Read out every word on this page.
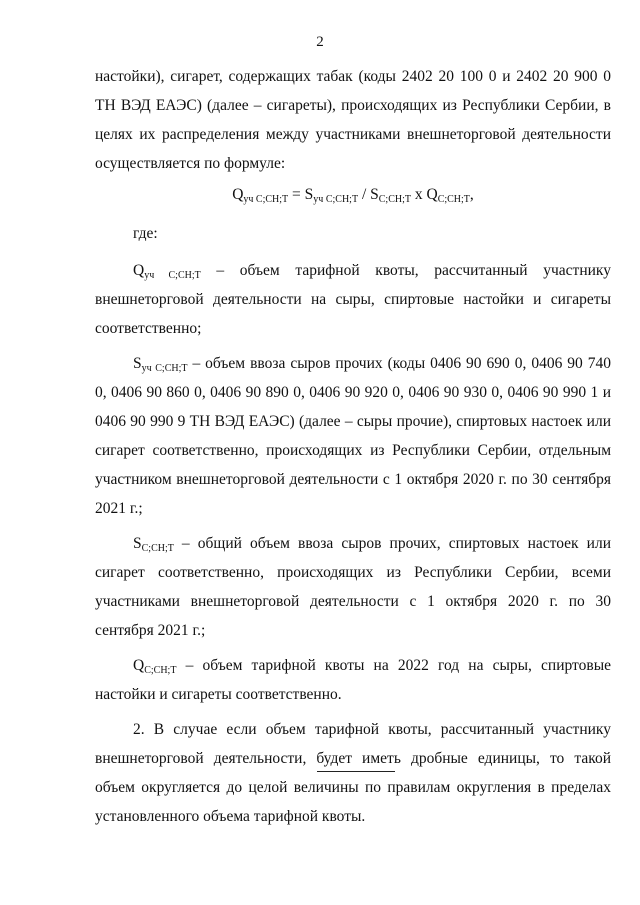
2

настойки), сигарет, содержащих табак (коды 2402 20 100 0 и 2402 20 900 0 ТН ВЭД ЕАЭС) (далее – сигареты), происходящих из Республики Сербии, в целях их распределения между участниками внешнеторговой деятельности осуществляется по формуле:

$Q_{уч C;CH;T} = S_{уч C;CH;T} / S_{C;CH;T}$ x $Q_{C;CH;T}$,

где:

$Q_{уч C;CH;T}$ – объем тарифной квоты, рассчитанный участнику внешнеторговой деятельности на сыры, спиртовые настойки и сигареты соответственно;

$S_{уч C;CH;T}$ – объем ввоза сыров прочих (коды 0406 90 690 0, 0406 90 740 0, 0406 90 860 0, 0406 90 890 0, 0406 90 920 0, 0406 90 930 0, 0406 90 990 1 и 0406 90 990 9 ТН ВЭД ЕАЭС) (далее – сыры прочие), спиртовых настоек или сигарет соответственно, происходящих из Республики Сербии, отдельным участником внешнеторговой деятельности с 1 октября 2020 г. по 30 сентября 2021 г.;

$S_{C;CH;T}$ – общий объем ввоза сыров прочих, спиртовых настоек или сигарет соответственно, происходящих из Республики Сербии, всеми участниками внешнеторговой деятельности с 1 октября 2020 г. по 30 сентября 2021 г.;

$Q_{C;CH;T}$ – объем тарифной квоты на 2022 год на сыры, спиртовые настойки и сигареты соответственно.

2. В случае если объем тарифной квоты, рассчитанный участнику внешнеторговой деятельности, будет иметь дробные единицы, то такой объем округляется до целой величины по правилам округления в пределах установленного объема тарифной квоты.
